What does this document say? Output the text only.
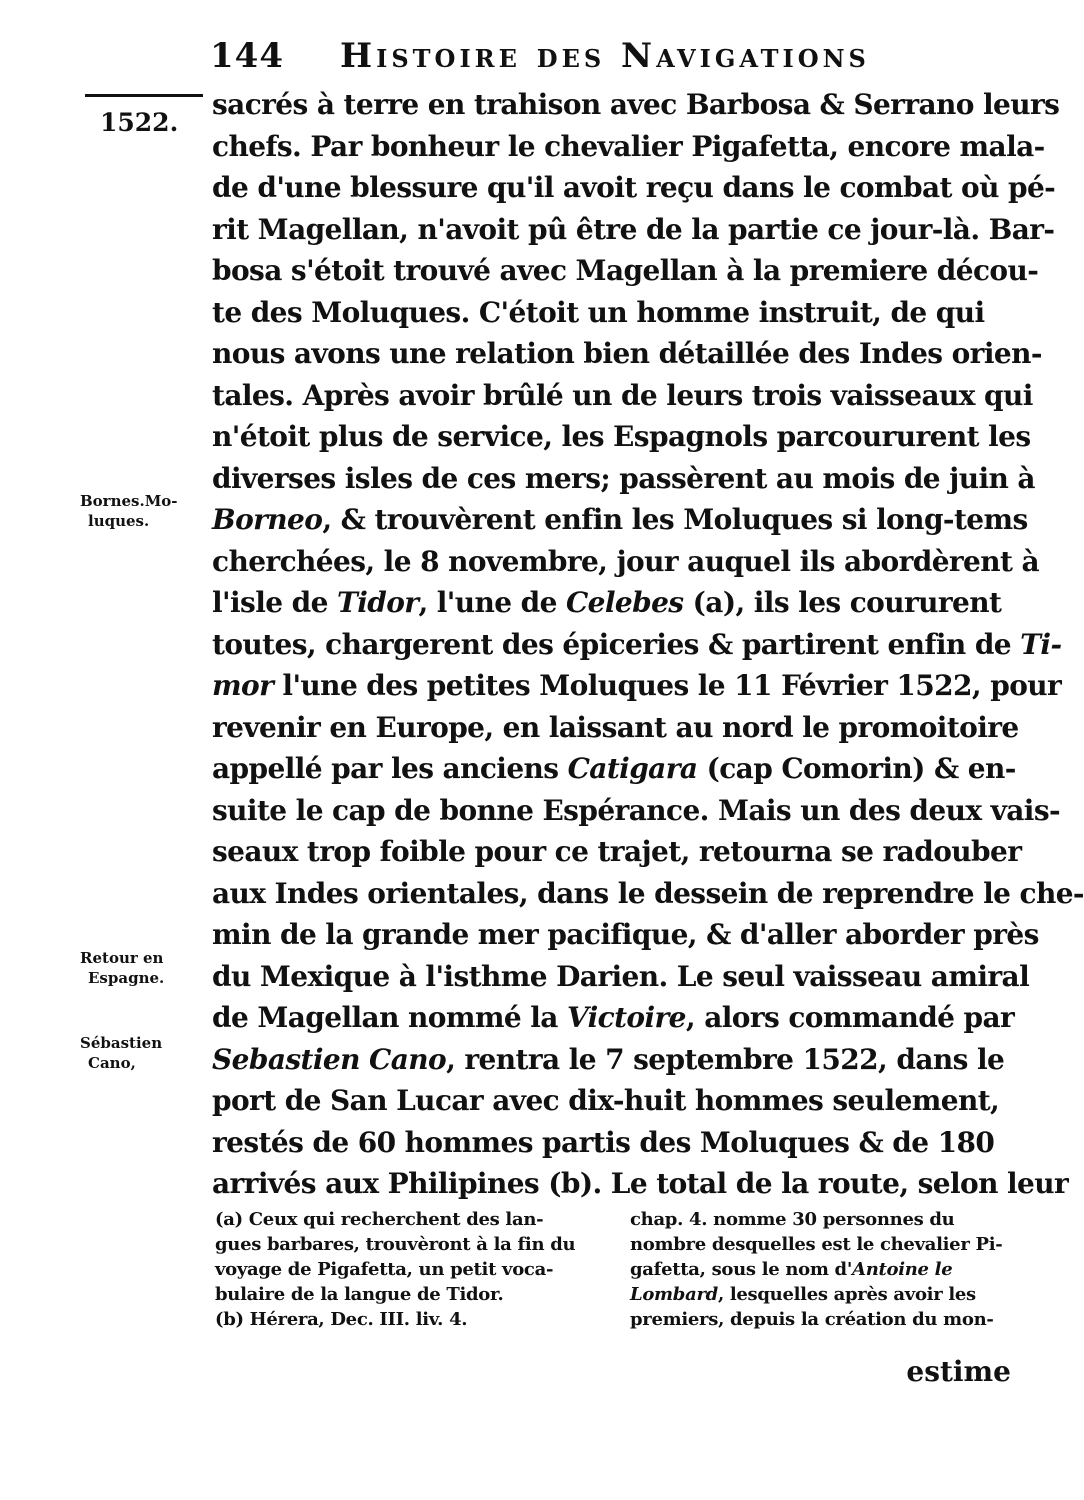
144 Histoire des Navigations
1522.
Bornes.Mo-
luques.
Retour en
Espagne.
Sébastien
Cano,
sacrés à terre en trahison avec Barbosa & Serrano leurs
chefs. Par bonheur le chevalier Pigafetta, encore mala-
de d'une blessure qu'il avoit reçu dans le combat où pé-
rit Magellan, n'avoit pû être de la partie ce jour-là. Bar-
bosa s'étoit trouvé avec Magellan à la premiere décou-
te des Moluques. C'étoit un homme instruit, de qui
nous avons une relation bien détaillée des Indes orien-
tales. Après avoir brûlé un de leurs trois vaisseaux qui
n'étoit plus de service, les Espagnols parcoururent les
diverses isles de ces mers; passèrent au mois de juin à
Borneo, & trouvèrent enfin les Moluques si long-tems
cherchées, le 8 novembre, jour auquel ils abordèrent à
l'isle de Tidor, l'une de Celebes (a), ils les coururent
toutes, chargerent des épiceries & partirent enfin de Ti-
mor l'une des petites Moluques le 11 Février 1522, pour
revenir en Europe, en laissant au nord le promoitoire
appellé par les anciens Catigara (cap Comorin) & en-
suite le cap de bonne Espérance. Mais un des deux vais-
seaux trop foible pour ce trajet, retourna se radouber
aux Indes orientales, dans le dessein de reprendre le che-
min de la grande mer pacifique, & d'aller aborder près
du Mexique à l'isthme Darien. Le seul vaisseau amiral
de Magellan nommé la Victoire, alors commandé par
Sebastien Cano, rentra le 7 septembre 1522, dans le
port de San Lucar avec dix-huit hommes seulement,
restés de 60 hommes partis des Moluques & de 180
arrivés aux Philipines (b). Le total de la route, selon leur
(a) Ceux qui recherchent des lan-
gues barbares, trouvèront à la fin du
voyage de Pigafetta, un petit voca-
bulaire de la langue de Tidor.
(b) Hérera, Dec. III. liv. 4.
chap. 4. nomme 30 personnes du
nombre desquelles est le chevalier Pi-
gafetta, sous le nom d'Antoine le
Lombard, lesquelles après avoir les
premiers, depuis la création du mon-
estime
